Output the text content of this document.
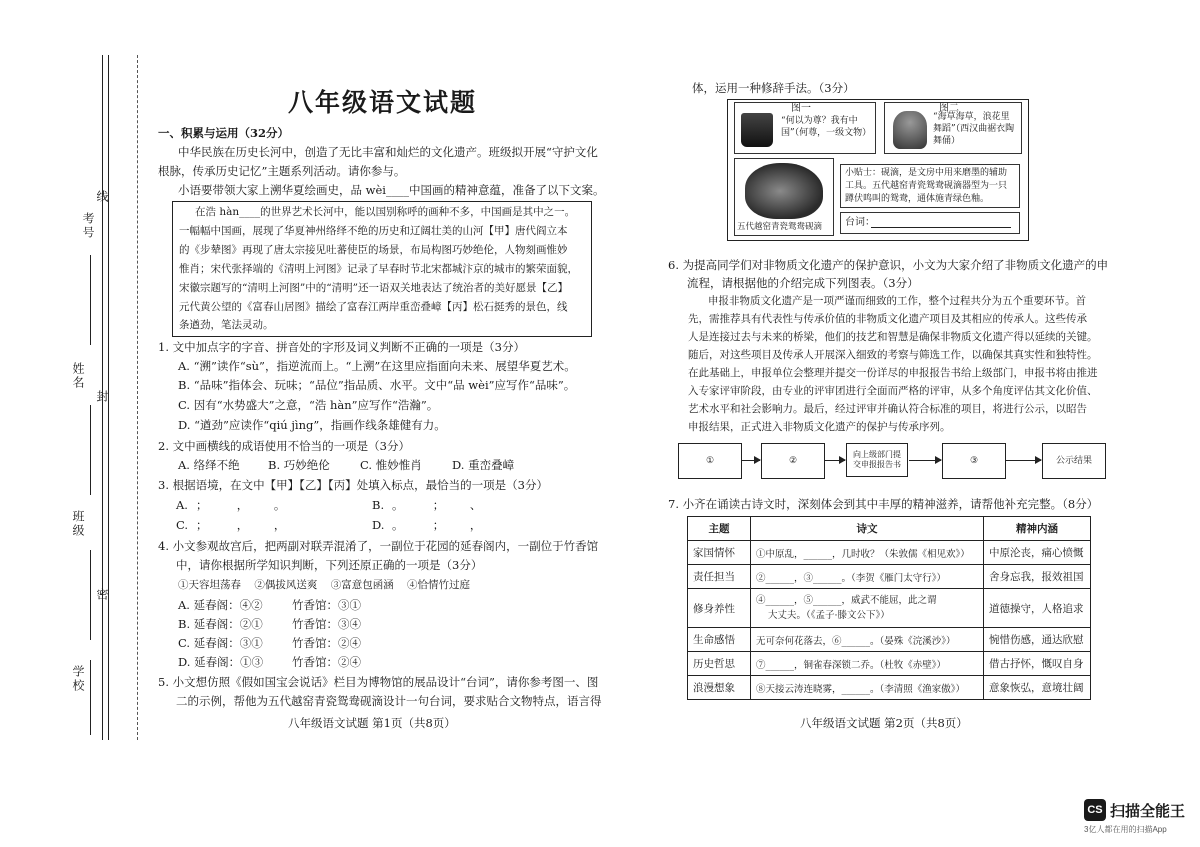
考号
线
姓名
封
班级
密
学校
八年级语文试题
一、积累与运用（32分）
中华民族在历史长河中，创造了无比丰富和灿烂的文化遗产。班级拟开展“守护文化
根脉，传承历史记忆”主题系列活动。请你参与。
小语要带领大家上溯华夏绘画史，品 wèi____中国画的精神意蕴，准备了以下文案。
在浩 hàn____的世界艺术长河中，能以国别称呼的画种不多，中国画是其中之一。
一幅幅中国画，展现了华夏神州络绎不绝的历史和辽阔壮美的山河【甲】唐代阎立本
的《步辇图》再现了唐太宗接见吐蕃使臣的场景，布局构图巧妙绝伦，人物刻画惟妙
惟肖；宋代张择端的《清明上河图》记录了早春时节北宋都城汴京的城市的繁荣面貌，
宋徽宗题写的“清明上河图”中的“清明”还一语双关地表达了统治者的美好愿景【乙】
元代黄公望的《富春山居图》描绘了富春江两岸重峦叠嶂【丙】松石挺秀的景色，线
条遒劲，笔法灵动。
1. 文中加点字的字音、拼音处的字形及词义判断不正确的一项是（3分）
A. “溯”读作“sù”，指逆流而上。“上溯”在这里应指面向未来、展望华夏艺术。
B. “品味”指体会、玩味；“品位”指品质、水平。文中“品 wèi”应写作“品味”。
C. 因有“水势盛大”之意，“浩 hàn”应写作“浩瀚”。
D. “遒劲”应读作“qiú jìng”，指画作线条雄健有力。
2. 文中画横线的成语使用不恰当的一项是（3分）
A. 络绎不绝 B. 巧妙绝伦	C. 惟妙惟肖	D. 重峦叠嶂
3. 根据语境，在文中【甲】【乙】【丙】处填入标点，最恰当的一项是（3分）
A. ；        ，       。	B. 。        ；       、
C. ；        ，       ，	D. 。        ；       ，
4. 小文参观故宫后，把两副对联弄混淆了，一副位于花园的延春阁内，一副位于竹香馆
中，请你根据所学知识判断，下列还原正确的一项是（3分）
①天容坦荡春    ②偶拔风送爽    ③富意包函涵    ④恰情竹过庭
A. 延春阁：④②	竹香馆：③①
B. 延春阁：②①	竹香馆：③④
C. 延春阁：③①	竹香馆：②④
D. 延春阁：①③	竹香馆：②④
5. 小文想仿照《假如国宝会说话》栏目为博物馆的展品设计“台词”，请你参考图一、图
二的示例，帮他为五代越窑青瓷鸳鸯砚滴设计一句台词，要求贴合文物特点，语言得
八年级语文试题 第1页（共8页）
体，运用一种修辞手法。（3分）
图一
“何以为尊？我有中国”（何尊，一级文物）
图二
“海草海草，浪花里舞蹈”（西汉曲裾衣陶舞俑）
五代越窑青瓷鸳鸯砚滴
小贴士：砚滴，是文房中用来磨墨的辅助工具。五代越窑青瓷鸳鸯砚滴器型为一只蹲伏鸣叫的鸳鸯，通体施青绿色釉。
台词：
6. 为提高同学们对非物质文化遗产的保护意识，小文为大家介绍了非物质文化遗产的申
流程，请根据他的介绍完成下列图表。（3分）
申报非物质文化遗产是一项严谨而细致的工作，整个过程共分为五个重要环节。首
先，需推荐具有代表性与传承价值的非物质文化遗产项目及其相应的传承人。这些传承
人是连接过去与未来的桥梁，他们的技艺和智慧是确保非物质文化遗产得以延续的关键。
随后，对这些项目及传承人开展深入细致的考察与筛选工作，以确保其真实性和独特性。
在此基础上，申报单位会整理并提交一份详尽的申报报告书给上级部门，申报书将由推进
入专家评审阶段，由专业的评审团进行全面而严格的评审，从多个角度评估其文化价值、
艺术水平和社会影响力。最后，经过评审并确认符合标准的项目，将进行公示，以昭告
申报结果，正式进入非物质文化遗产的保护与传承序列。
①	②
向上级部门提交申报报告书	③	公示结果
7. 小齐在诵读古诗文时，深刻体会到其中丰厚的精神滋养，请帮他补充完整。（8分）
主题	诗文	精神内涵
家国情怀	①中原乱，______，几时收？（朱敦儒《相见欢》）	中原沦丧，痛心愤慨
责任担当	②______，③______。（李贺《雁门太守行》）	舍身忘我，报效祖国
修身养性	④______，⑤______，威武不能屈，此之谓
大丈夫。（《孟子·滕文公下》）	道德操守，人格追求
生命感悟	无可奈何花落去，⑥______。（晏殊《浣溪沙》）	惋惜伤感，通达欣慰
历史哲思	⑦______，铜雀春深锁二乔。（杜牧《赤壁》）	借古抒怀，慨叹自身
浪漫想象	⑧天接云涛连晓雾，______。（李清照《渔家傲》）	意象恢弘，意境壮阔
八年级语文试题 第2页（共8页）
CS 扫描全能王
3亿人都在用的扫描App
